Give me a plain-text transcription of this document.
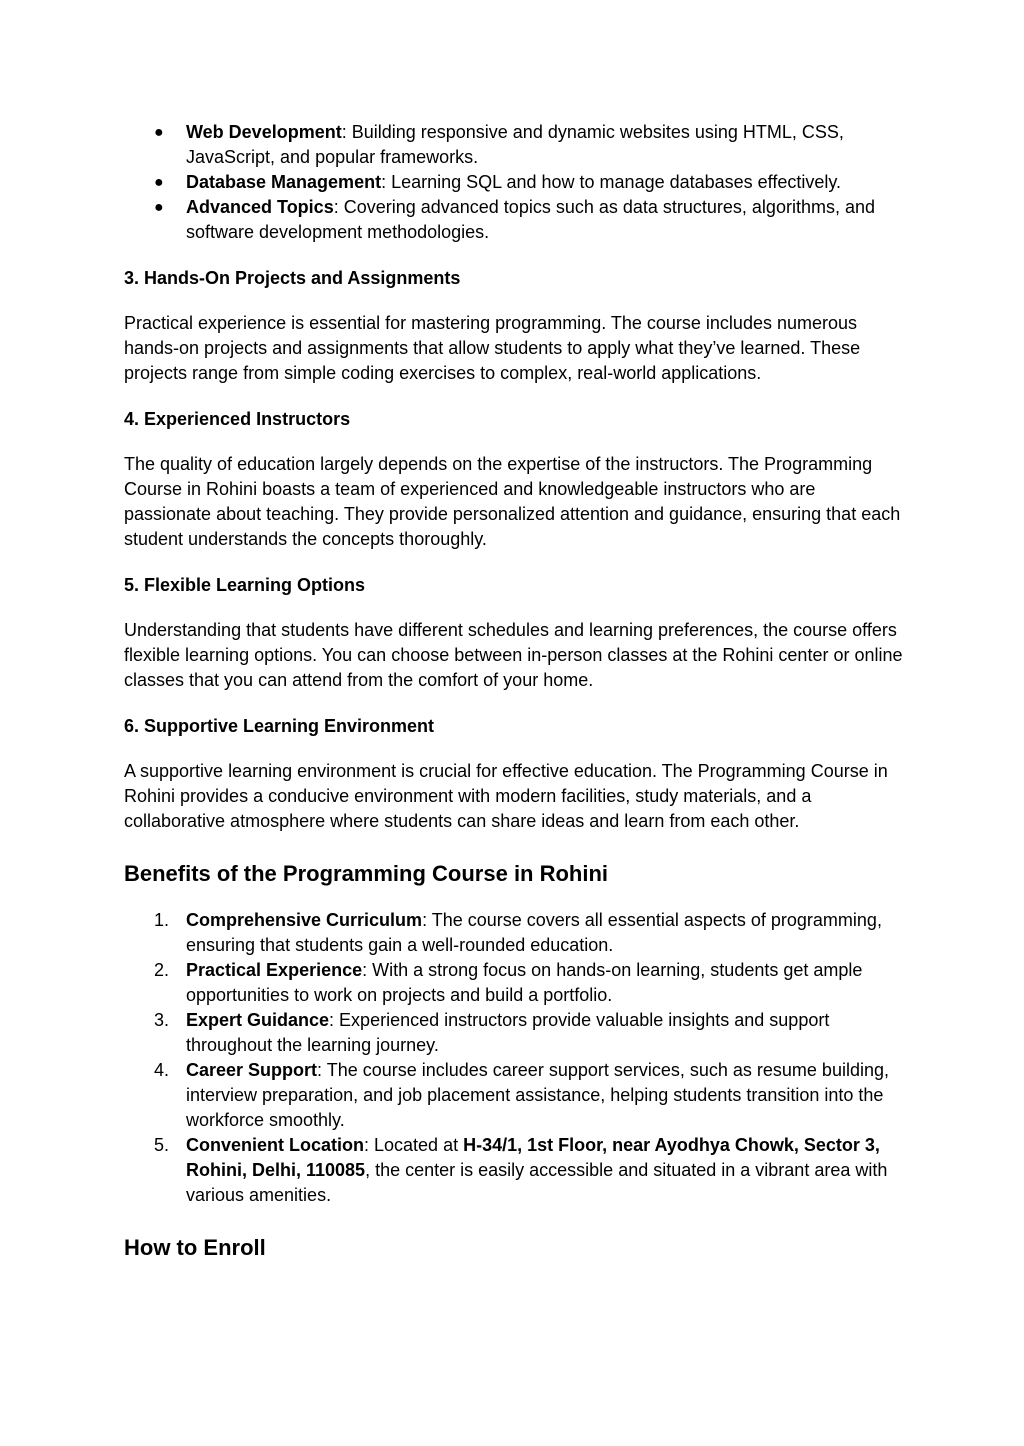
● Web Development: Building responsive and dynamic websites using HTML, CSS, JavaScript, and popular frameworks.
● Database Management: Learning SQL and how to manage databases effectively.
● Advanced Topics: Covering advanced topics such as data structures, algorithms, and software development methodologies.
3. Hands-On Projects and Assignments

Practical experience is essential for mastering programming. The course includes numerous hands-on projects and assignments that allow students to apply what they’ve learned. These projects range from simple coding exercises to complex, real-world applications.

4. Experienced Instructors

The quality of education largely depends on the expertise of the instructors. The Programming Course in Rohini boasts a team of experienced and knowledgeable instructors who are passionate about teaching. They provide personalized attention and guidance, ensuring that each student understands the concepts thoroughly.

5. Flexible Learning Options

Understanding that students have different schedules and learning preferences, the course offers flexible learning options. You can choose between in-person classes at the Rohini center or online classes that you can attend from the comfort of your home.

6. Supportive Learning Environment

A supportive learning environment is crucial for effective education. The Programming Course in Rohini provides a conducive environment with modern facilities, study materials, and a collaborative atmosphere where students can share ideas and learn from each other.

Benefits of the Programming Course in Rohini
1. Comprehensive Curriculum: The course covers all essential aspects of programming, ensuring that students gain a well-rounded education.
2. Practical Experience: With a strong focus on hands-on learning, students get ample opportunities to work on projects and build a portfolio.
3. Expert Guidance: Experienced instructors provide valuable insights and support throughout the learning journey.
4. Career Support: The course includes career support services, such as resume building, interview preparation, and job placement assistance, helping students transition into the workforce smoothly.
5. Convenient Location: Located at H-34/1, 1st Floor, near Ayodhya Chowk, Sector 3, Rohini, Delhi, 110085, the center is easily accessible and situated in a vibrant area with various amenities.
How to Enroll
